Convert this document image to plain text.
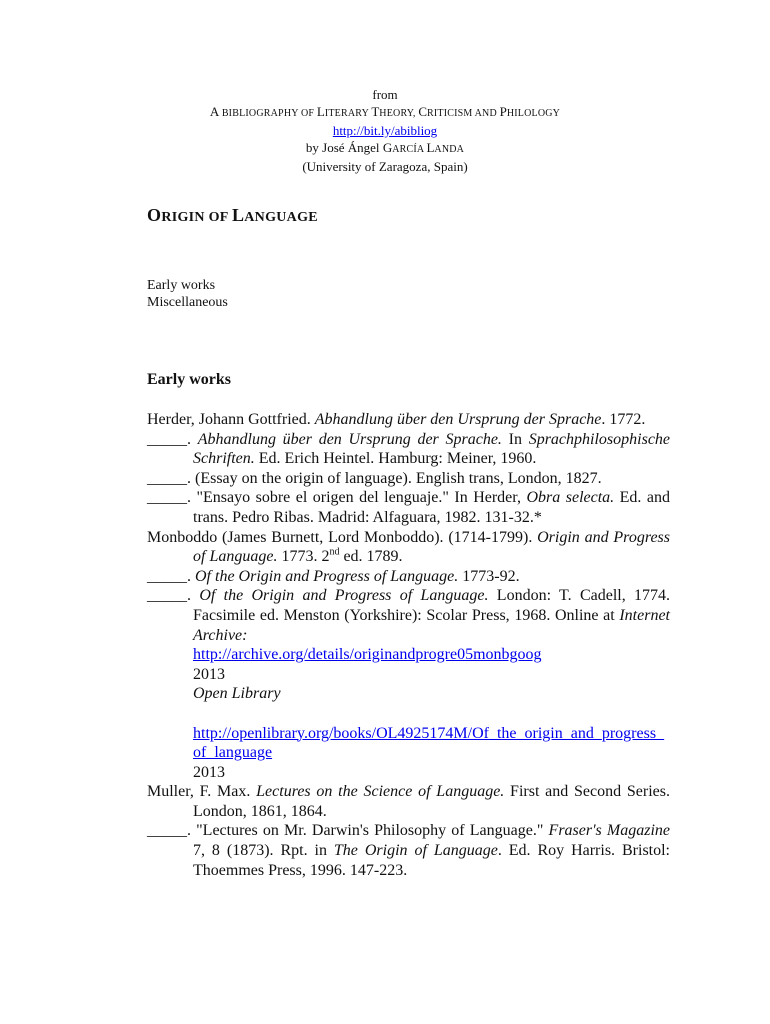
from
A BIBLIOGRAPHY OF LITERARY THEORY, CRITICISM AND PHILOLOGY
http://bit.ly/abibliog
by José Ángel GARCÍA LANDA
(University of Zaragoza, Spain)
ORIGIN OF LANGUAGE
Early works
Miscellaneous
Early works
Herder, Johann Gottfried. Abhandlung über den Ursprung der Sprache. 1772.
_____. Abhandlung über den Ursprung der Sprache. In Sprachphilosophische Schriften. Ed. Erich Heintel. Hamburg: Meiner, 1960.
_____. (Essay on the origin of language). English trans, London, 1827.
_____. "Ensayo sobre el origen del lenguaje." In Herder, Obra selecta. Ed. and trans. Pedro Ribas. Madrid: Alfaguara, 1982. 131-32.*
Monboddo (James Burnett, Lord Monboddo). (1714-1799). Origin and Progress of Language. 1773. 2nd ed. 1789.
_____. Of the Origin and Progress of Language. 1773-92.
_____. Of the Origin and Progress of Language. London: T. Cadell, 1774. Facsimile ed. Menston (Yorkshire): Scolar Press, 1968. Online at Internet Archive:
http://archive.org/details/originandprogre05monbgoog
2013
Open Library
http://openlibrary.org/books/OL4925174M/Of_the_origin_and_progress_of_language
2013
Muller, F. Max. Lectures on the Science of Language. First and Second Series. London, 1861, 1864.
_____. "Lectures on Mr. Darwin's Philosophy of Language." Fraser's Magazine 7, 8 (1873). Rpt. in The Origin of Language. Ed. Roy Harris. Bristol: Thoemmes Press, 1996. 147-223.
